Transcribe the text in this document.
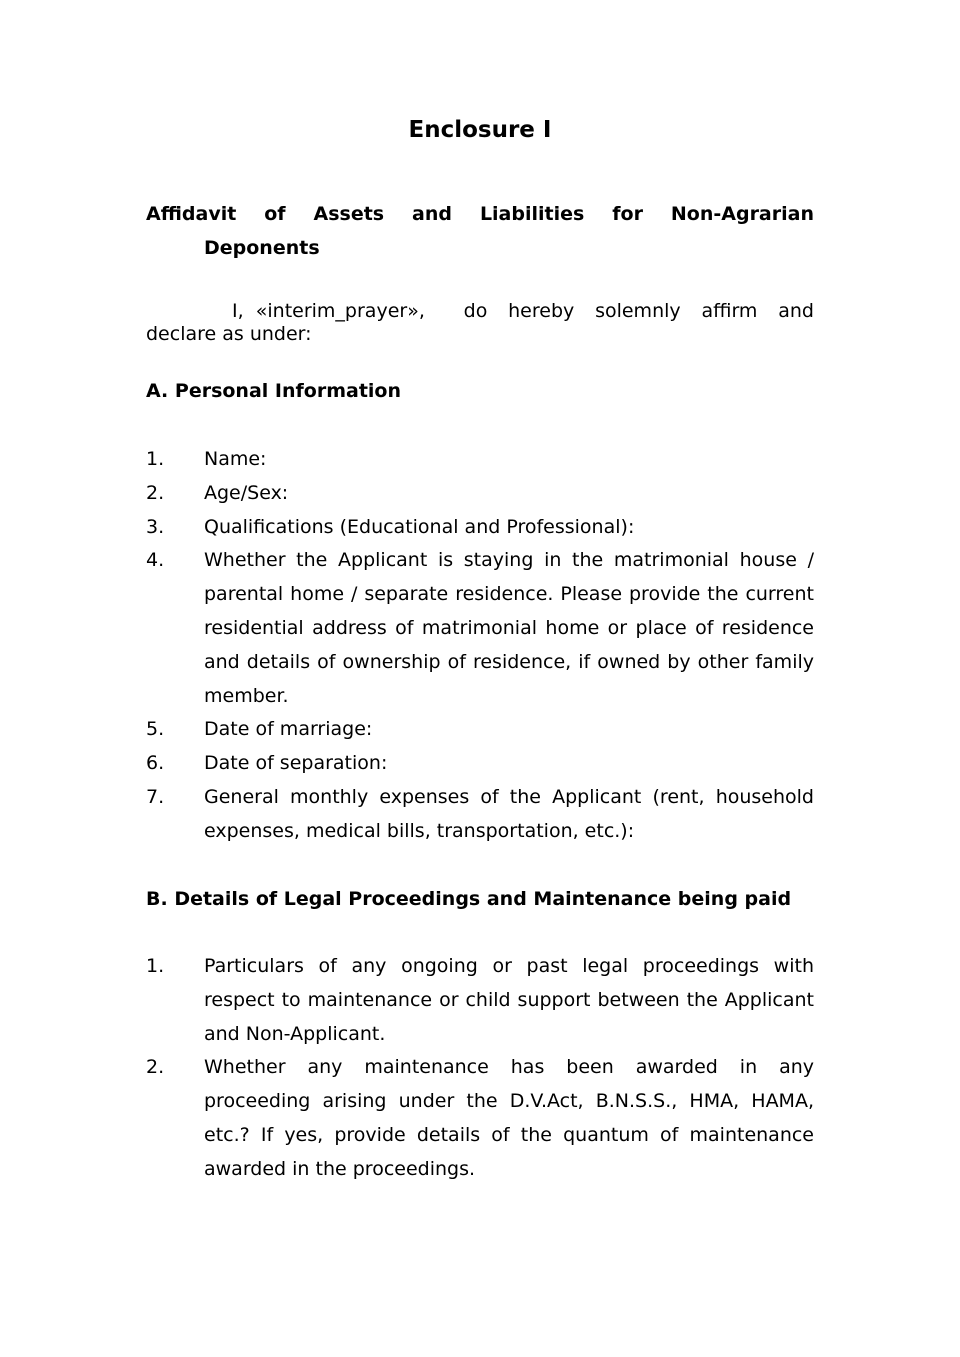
Enclosure I
Affidavit of Assets and Liabilities for Non-Agrarian
Deponents
I, «interim_prayer», do hereby solemnly affirm and
declare as under:
A. Personal Information
1.	Name:
2.	Age/Sex:
3.	Qualifications (Educational and Professional):
4.	Whether the Applicant is staying in the matrimonial house / parental home / separate residence. Please provide the current residential address of matrimonial home or place of residence and details of ownership of residence, if owned by other family member.
5.	Date of marriage:
6.	Date of separation:
7.	General monthly expenses of the Applicant (rent, household expenses, medical bills, transportation, etc.):
B. Details of Legal Proceedings and Maintenance being paid
1.	Particulars of any ongoing or past legal proceedings with respect to maintenance or child support between the Applicant and Non-Applicant.
2.	Whether any maintenance has been awarded in any proceeding arising under the D.V.Act, B.N.S.S., HMA, HAMA, etc.? If yes, provide details of the quantum of maintenance awarded in the proceedings.
